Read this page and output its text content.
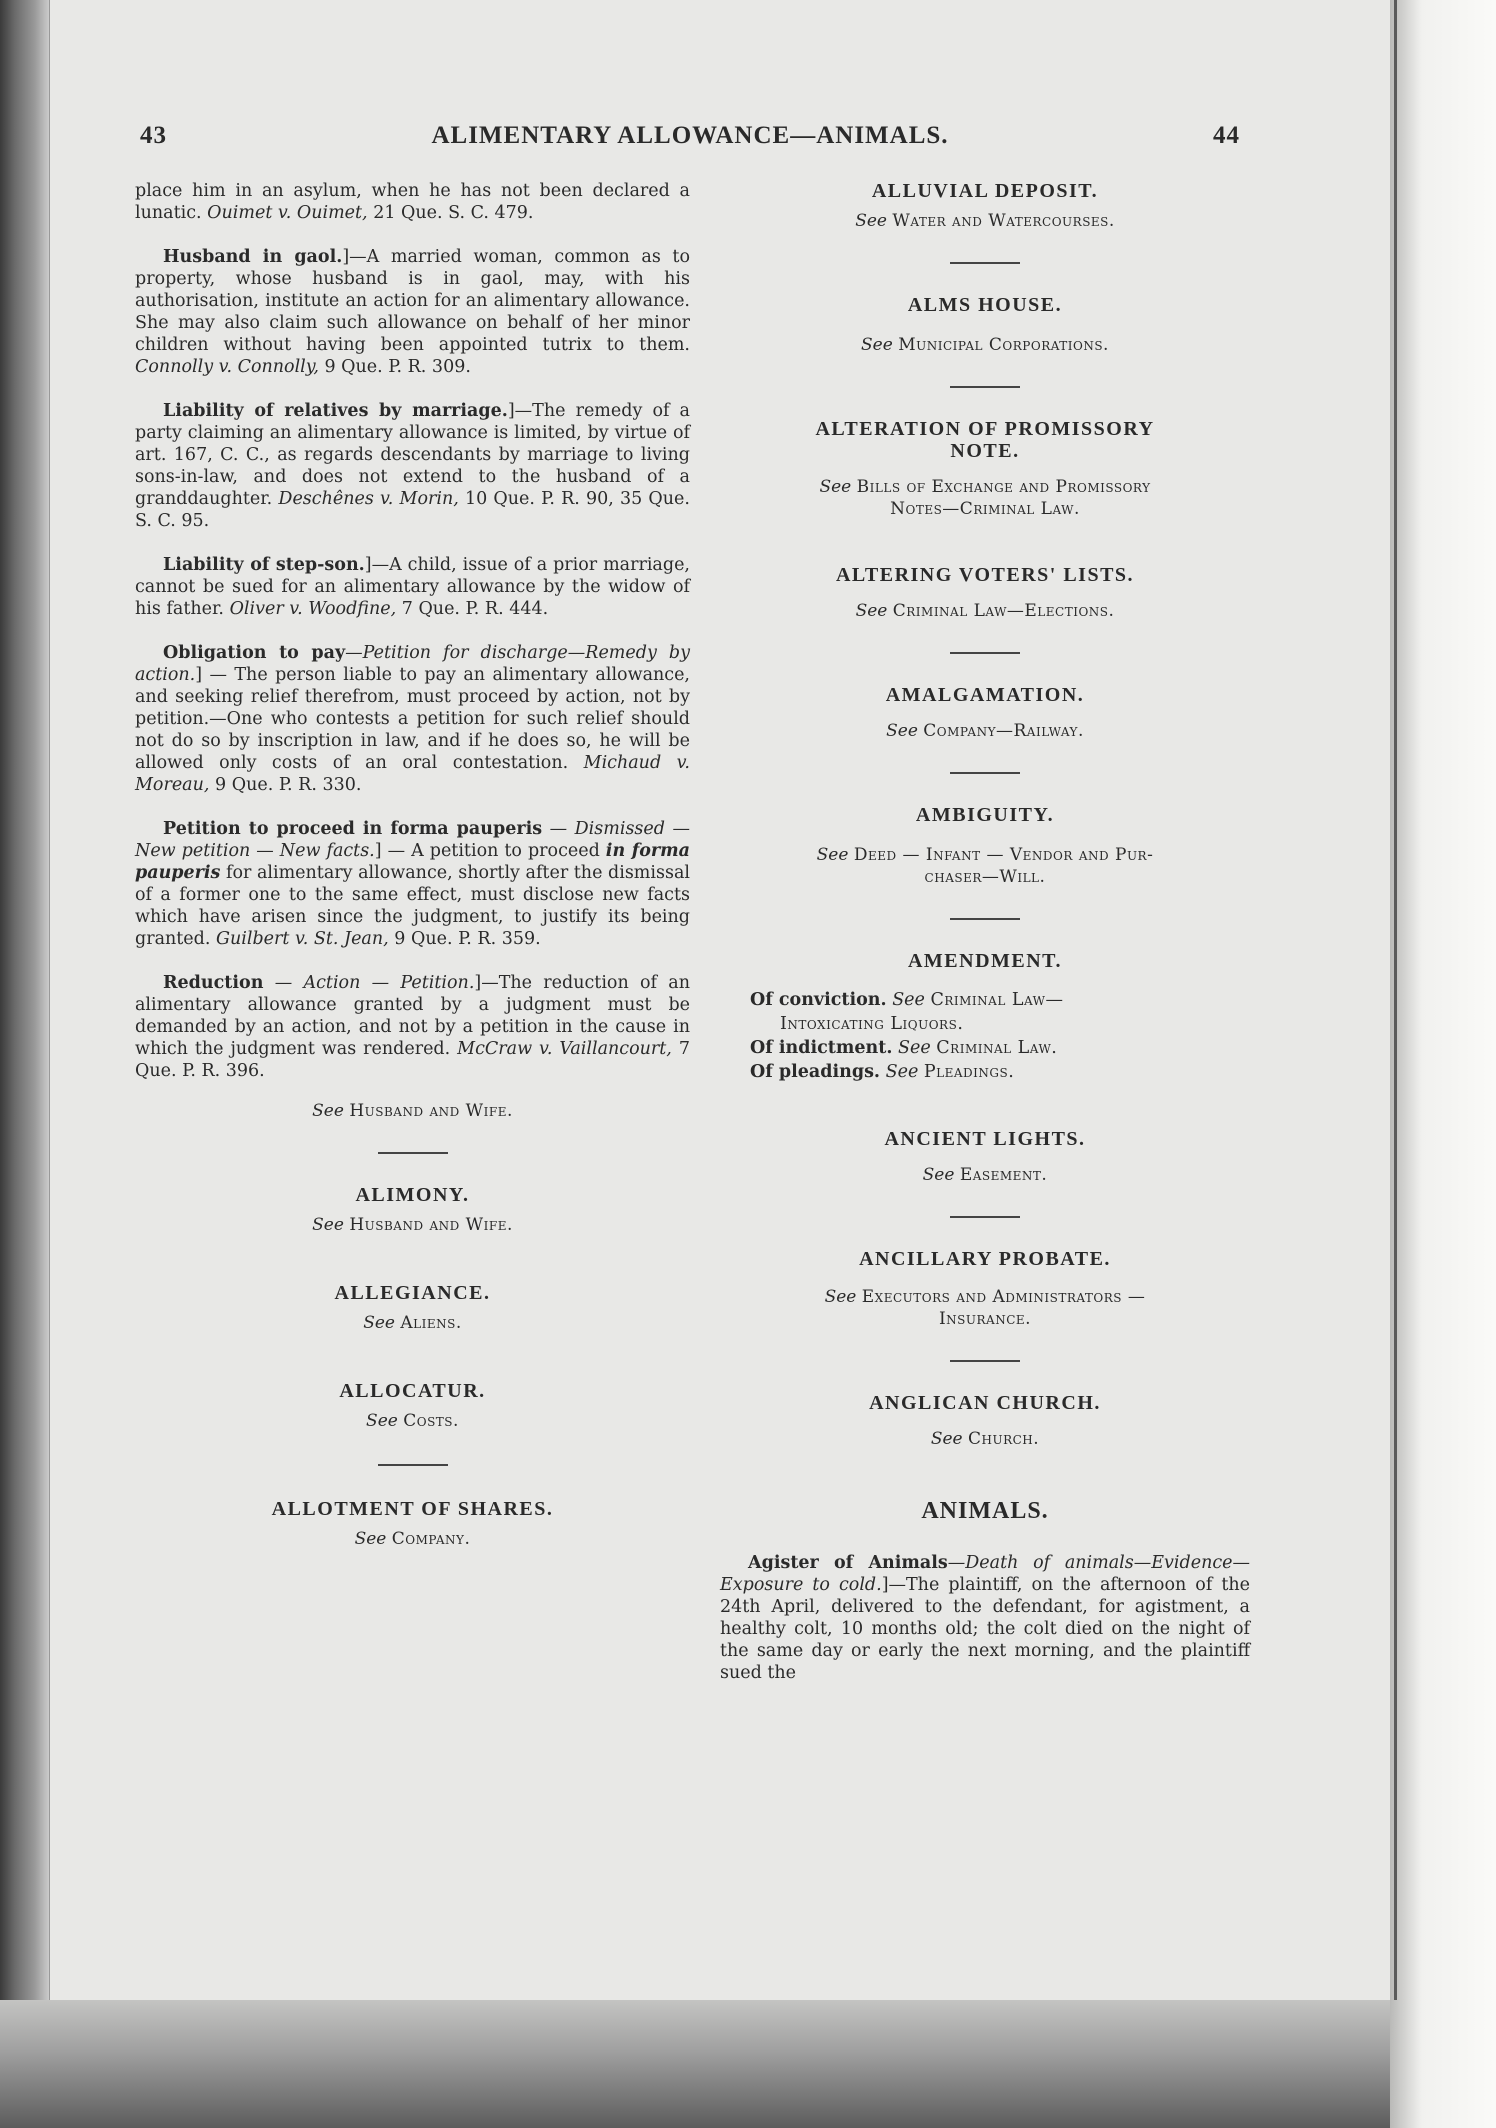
43	ALIMENTARY ALLOWANCE—ANIMALS.	44

place him in an asylum, when he has not been declared a lunatic. Ouimet v. Ouimet, 21 Que. S. C. 479.

Husband in gaol.]—A married woman, common as to property, whose husband is in gaol, may, with his authorisation, institute an action for an alimentary allowance. She may also claim such allowance on behalf of her minor children without having been appointed tutrix to them. Connolly v. Connolly, 9 Que. P. R. 309.

Liability of relatives by marriage.]—The remedy of a party claiming an alimentary allowance is limited, by virtue of art. 167, C. C., as regards descendants by marriage to living sons-in-law, and does not extend to the husband of a granddaughter. Deschênes v. Morin, 10 Que. P. R. 90, 35 Que. S. C. 95.

Liability of step-son.]—A child, issue of a prior marriage, cannot be sued for an alimentary allowance by the widow of his father. Oliver v. Woodfine, 7 Que. P. R. 444.

Obligation to pay—Petition for discharge—Remedy by action.] — The person liable to pay an alimentary allowance, and seeking relief therefrom, must proceed by action, not by petition.—One who contests a petition for such relief should not do so by inscription in law, and if he does so, he will be allowed only costs of an oral contestation. Michaud v. Moreau, 9 Que. P. R. 330.

Petition to proceed in forma pauperis — Dismissed — New petition — New facts.] — A petition to proceed in forma pauperis for alimentary allowance, shortly after the dismissal of a former one to the same effect, must disclose new facts which have arisen since the judgment, to justify its being granted. Guilbert v. St. Jean, 9 Que. P. R. 359.

Reduction — Action — Petition.]—The reduction of an alimentary allowance granted by a judgment must be demanded by an action, and not by a petition in the cause in which the judgment was rendered. McCraw v. Vaillancourt, 7 Que. P. R. 396.

See Husband and Wife.

ALIMONY.

See Husband and Wife.

ALLEGIANCE.

See Aliens.

ALLOCATUR.

See Costs.

ALLOTMENT OF SHARES.

See Company.

ALLUVIAL DEPOSIT.

See Water and Watercourses.

ALMS HOUSE.

See Municipal Corporations.

ALTERATION OF PROMISSORY
NOTE.

See Bills of Exchange and Promissory
Notes—Criminal Law.

ALTERING VOTERS' LISTS.

See Criminal Law—Elections.

AMALGAMATION.

See Company—Railway.

AMBIGUITY.

See Deed — Infant — Vendor and Pur-
chaser—Will.

AMENDMENT.

Of conviction. See Criminal Law—
Intoxicating Liquors.

Of indictment. See Criminal Law.

Of pleadings. See Pleadings.

ANCIENT LIGHTS.

See Easement.

ANCILLARY PROBATE.

See Executors and Administrators —
Insurance.

ANGLICAN CHURCH.

See Church.

ANIMALS.

Agister of Animals—Death of animals—Evidence—Exposure to cold.]—The plaintiff, on the afternoon of the 24th April, delivered to the defendant, for agistment, a healthy colt, 10 months old; the colt died on the night of the same day or early the next morning, and the plaintiff sued the
